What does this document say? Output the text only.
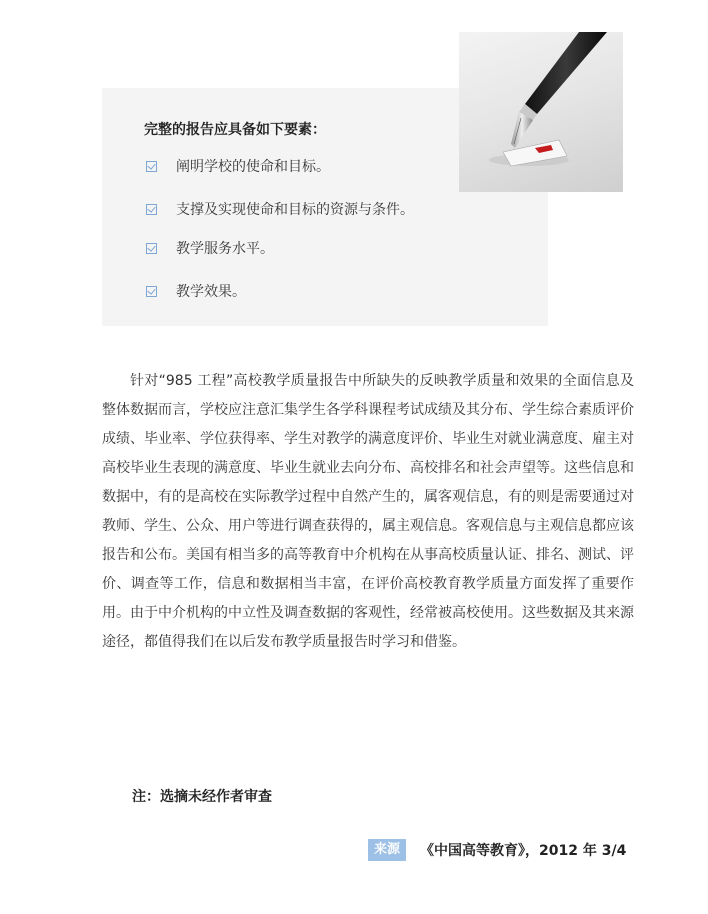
完整的报告应具备如下要素：
阐明学校的使命和目标。
支撑及实现使命和目标的资源与条件。
教学服务水平。
教学效果。

针对“985 工程”高校教学质量报告中所缺失的反映教学质量和效果的全面信息及整体数据而言，学校应注意汇集学生各学科课程考试成绩及其分布、学生综合素质评价成绩、毕业率、学位获得率、学生对教学的满意度评价、毕业生对就业满意度、雇主对高校毕业生表现的满意度、毕业生就业去向分布、高校排名和社会声望等。这些信息和数据中，有的是高校在实际教学过程中自然产生的，属客观信息，有的则是需要通过对教师、学生、公众、用户等进行调查获得的，属主观信息。客观信息与主观信息都应该报告和公布。美国有相当多的高等教育中介机构在从事高校质量认证、排名、测试、评价、调查等工作，信息和数据相当丰富，在评价高校教育教学质量方面发挥了重要作用。由于中介机构的中立性及调查数据的客观性，经常被高校使用。这些数据及其来源途径，都值得我们在以后发布教学质量报告时学习和借鉴。

注：选摘未经作者审查
来源	《中国高等教育》，2012 年 3/4
